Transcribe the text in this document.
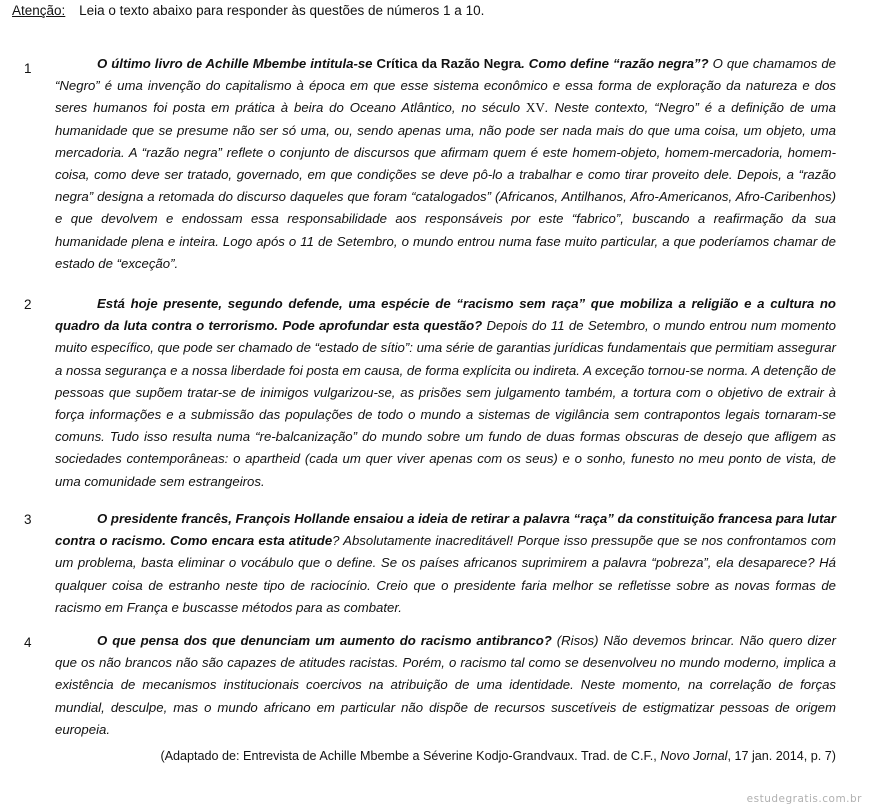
Atenção: Leia o texto abaixo para responder às questões de números 1 a 10.
1	O último livro de Achille Mbembe intitula-se Crítica da Razão Negra. Como define “razão negra”? O que chamamos de “Negro” é uma invenção do capitalismo à época em que esse sistema econômico e essa forma de exploração da natureza e dos seres humanos foi posta em prática à beira do Oceano Atlântico, no século XV. Neste contexto, “Negro” é a definição de uma humanidade que se presume não ser só uma, ou, sendo apenas uma, não pode ser nada mais do que uma coisa, um objeto, uma mercadoria. A “razão negra” reflete o conjunto de discursos que afirmam quem é este homem-objeto, homem-mercadoria, homem-coisa, como deve ser tratado, governado, em que condições se deve pô-lo a trabalhar e como tirar proveito dele. Depois, a “razão negra” designa a retomada do discurso daqueles que foram “catalogados” (Africanos, Antilhanos, Afro-Americanos, Afro-Caribenhos) e que devolvem e endossam essa responsabilidade aos responsáveis por este “fabrico”, buscando a reafirmação da sua humanidade plena e inteira. Logo após o 11 de Setembro, o mundo entrou numa fase muito particular, a que poderíamos chamar de estado de “exceção”.

2	Está hoje presente, segundo defende, uma espécie de “racismo sem raça” que mobiliza a religião e a cultura no quadro da luta contra o terrorismo. Pode aprofundar esta questão? Depois do 11 de Setembro, o mundo entrou num momento muito específico, que pode ser chamado de “estado de sítio”: uma série de garantias jurídicas fundamentais que permitiam assegurar a nossa segurança e a nossa liberdade foi posta em causa, de forma explícita ou indireta. A exceção tornou-se norma. A detenção de pessoas que supõem tratar-se de inimigos vulgarizou-se, as prisões sem julgamento também, a tortura com o objetivo de extrair à força informações e a submissão das populações de todo o mundo a sistemas de vigilância sem contrapontos legais tornaram-se comuns. Tudo isso resulta numa “re-balcanização” do mundo sobre um fundo de duas formas obscuras de desejo que afligem as sociedades contemporâneas: o apartheid (cada um quer viver apenas com os seus) e o sonho, funesto no meu ponto de vista, de uma comunidade sem estrangeiros.

3	O presidente francês, François Hollande ensaiou a ideia de retirar a palavra “raça” da constituição francesa para lutar contra o racismo. Como encara esta atitude? Absolutamente inacreditável! Porque isso pressupõe que se nos confrontamos com um problema, basta eliminar o vocábulo que o define. Se os países africanos suprimirem a palavra “pobreza”, ela desaparece? Há qualquer coisa de estranho neste tipo de raciocínio. Creio que o presidente faria melhor se refletisse sobre as novas formas de racismo em França e buscasse métodos para as combater.

4	O que pensa dos que denunciam um aumento do racismo antibranco? (Risos) Não devemos brincar. Não quero dizer que os não brancos não são capazes de atitudes racistas. Porém, o racismo tal como se desenvolveu no mundo moderno, implica a existência de mecanismos institucionais coercivos na atribuição de uma identidade. Neste momento, na correlação de forças mundial, desculpe, mas o mundo africano em particular não dispõe de recursos suscetíveis de estigmatizar pessoas de origem europeia.

(Adaptado de: Entrevista de Achille Mbembe a Séverine Kodjo-Grandvaux. Trad. de C.F., Novo Jornal, 17 jan. 2014, p. 7)
estudegratis.com.br
